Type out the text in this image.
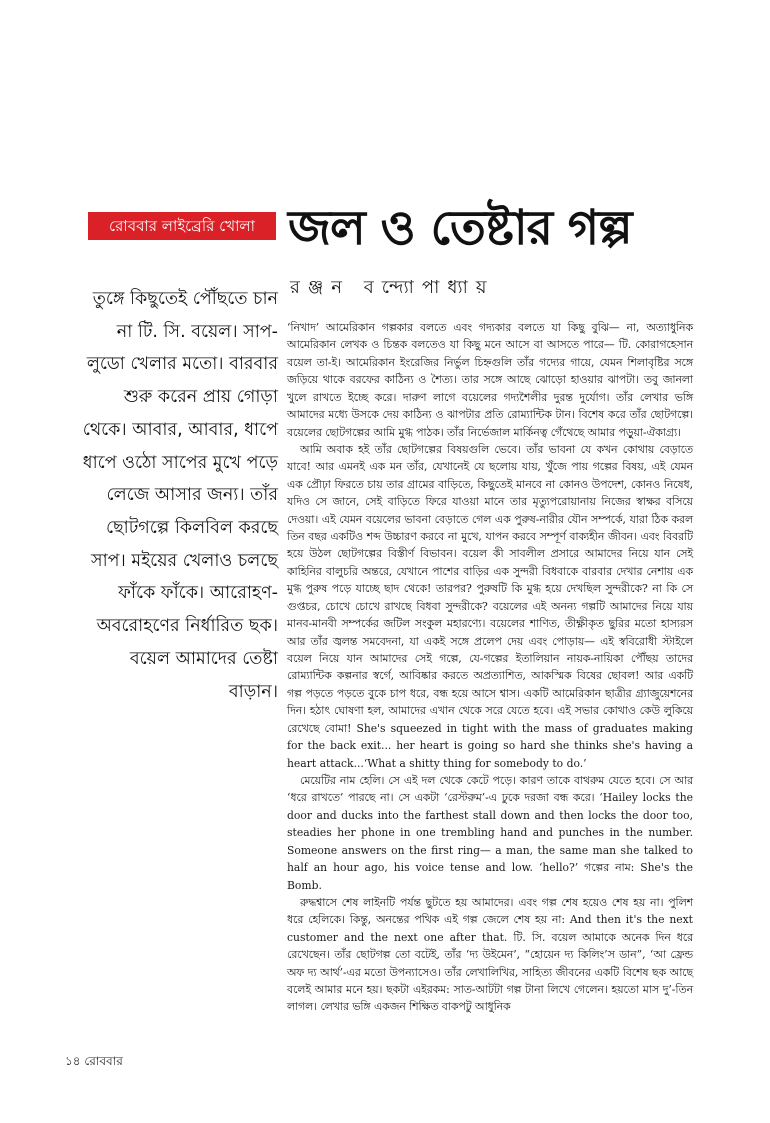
রোববার লাইব্রেরি খোলা জল ও তেষ্টার গল্প
রঞ্জন বন্দ্যোপাধ্যায়
তুঙ্গে কিছুতেই পৌঁছতে চান না টি. সি. বয়েল। সাপ-লুডো খেলার মতো। বারবার শুরু করেন প্রায় গোড়া থেকে। আবার, আবার, ধাপে ধাপে ওঠো সাপের মুখে পড়ে লেজে আসার জন্য। তাঁর ছোটগল্পে কিলবিল করছে সাপ। মইয়ের খেলাও চলছে ফাঁকে ফাঁকে। আরোহণ-অবরোহণের নির্ধারিত ছক। বয়েল আমাদের তেষ্টা বাড়ান।

‘নিখাদ’ আমেরিকান গল্পকার বলতে এবং গদ্যকার বলতে যা কিছু বুঝি— না, অত্যাধুনিক আমেরিকান লেখক ও চিন্তক বলতেও যা কিছু মনে আসে বা আসতে পারে— টি. কোরাগহেসান বয়েল তা-ই। আমেরিকান ইংরেজির নির্ভুল চিহ্নগুলি তাঁর গদ্যের গায়ে, যেমন শিলাবৃষ্টির সঙ্গে জড়িয়ে থাকে বরফের কাঠিন্য ও শৈত্য। তার সঙ্গে আছে ঝোড়ো হাওয়ার ঝাপটা। তবু জানলা খুলে রাখতে ইচ্ছে করে। দারুণ লাগে বয়েলের গদ্যশৈলীর দুরন্ত দুর্যোগ। তাঁর লেখার ভঙ্গি আমাদের মধ্যে উসকে দেয় কাঠিন্য ও ঝাপটার প্রতি রোম্যান্টিক টান। বিশেষ করে তাঁর ছোটগল্পে। বয়েলের ছোটগল্পের আমি মুগ্ধ পাঠক। তাঁর নির্ভেজাল মার্কিনত্ব গেঁথেছে আমার পড়ুয়া-ঐকাগ্র্য।

আমি অবাক হই তাঁর ছোটগল্পের বিষয়গুলি ভেবে। তাঁর ভাবনা যে কখন কোথায় বেড়াতে যাবে! আর এমনই এক মন তাঁর, যেখানেই যে ছলোয় যায়, খুঁজে পায় গল্পের বিষয়, এই যেমন এক প্রৌঢ়া ফিরতে চায় তার গ্রামের বাড়িতে, কিছুতেই মানবে না কোনও উপদেশ, কোনও নিষেধ, যদিও সে জানে, সেই বাড়িতে ফিরে যাওয়া মানে তার মৃত্যুপরোয়ানায় নিজের স্বাক্ষর বসিয়ে দেওয়া। এই যেমন বয়েলের ভাবনা বেড়াতে গেল এক পুরুষ-নারীর যৌন সম্পর্কে, যারা ঠিক করল তিন বছর একটিও শব্দ উচ্চারণ করবে না মুখে, যাপন করবে সম্পূর্ণ বাক্যহীন জীবন। এবং বিবরটি হয়ে উঠল ছোটগল্পের বিস্তীর্ণ বিভাবন। বয়েল কী সাবলীল প্রসারে আমাদের নিয়ে যান সেই কাহিনির বালুচরি অন্তরে, যেখানে পাশের বাড়ির এক সুন্দরী বিধবাকে বারবার দেখার নেশায় এক মুগ্ধ পুরুষ পড়ে যাচ্ছে ছাদ থেকে! তারপর? পুরুষটি কি মুগ্ধ হয়ে দেখছিল সুন্দরীকে? না কি সে গুপ্তচর, চোখে চোখে রাখছে বিধবা সুন্দরীকে? বয়েলের এই অনন্য গল্পটি আমাদের নিয়ে যায় মানব-মানবী সম্পর্কের জটিল সংকুল মহারণ্যে। বয়েলের শাণিত, তীক্ষ্ণীকৃত ছুরির মতো হাস্যরস আর তাঁর জ্বলন্ত সমবেদনা, যা একই সঙ্গে প্রলেপ দেয় এবং পোড়ায়— এই স্ববিরোধী স্টাইলে বয়েল নিয়ে যান আমাদের সেই গল্পে, যে-গল্পের ইতালিয়ান নায়ক-নায়িকা পৌঁছয় তাদের রোম্যান্টিক কল্পনার স্বর্গে, আবিষ্কার করতে অপ্রত্যাশিত, আকস্মিক বিষের ছোবল! আর একটি গল্প পড়তে পড়তে বুকে চাপ ধরে, বন্ধ হয়ে আসে শ্বাস। একটি আমেরিকান ছাত্রীর গ্র্যাজুয়েশনের দিন। হঠাৎ ঘোষণা হল, আমাদের এখান থেকে সরে যেতে হবে। এই সভার কোথাও কেউ লুকিয়ে রেখেছে বোমা! She's squeezed in tight with the mass of graduates making for the back exit... her heart is going so hard she thinks she's having a heart attack...‘What a shitty thing for somebody to do.’

মেয়েটির নাম হেলি। সে এই দল থেকে কেটে পড়ে। কারণ তাকে বাথরুম যেতে হবে। সে আর ‘ধরে রাখতে’ পারছে না। সে একটা ‘রেস্টরুম’-এ ঢুকে দরজা বন্ধ করে। ‘Hailey locks the door and ducks into the farthest stall down and then locks the door too, steadies her phone in one trembling hand and punches in the number. Someone answers on the first ring— a man, the same man she talked to half an hour ago, his voice tense and low. ‘hello?’ গল্পের নাম: She's the Bomb.

রুদ্ধশ্বাসে শেষ লাইনটি পর্যন্ত ছুটতে হয় আমাদের। এবং গল্প শেষ হয়েও শেষ হয় না। পুলিশ ধরে হেলিকে। কিন্তু, অনন্তের পথিক এই গল্প জেলে শেষ হয় না: And then it's the next customer and the next one after that. টি. সি. বয়েল আমাকে অনেক দিন ধরে রেখেছেন। তাঁর ছোটগল্প তো বটেই, তাঁর ‘দ্য উইমেন’, “হোয়েন দ্য কিলিং’স ডান”, ‘আ ফ্রেন্ড অফ দ্য আর্থ’-এর মতো উপন্যাসেও। তাঁর লেখালিখির, সাহিত্য জীবনের একটি বিশেষ ছক আছে বলেই আমার মনে হয়। ছকটা এইরকম: সাত-আটটা গল্প টানা লিখে গেলেন। হয়তো মাস দু’-তিন লাগল। লেখার ভঙ্গি একজন শিক্ষিত বাকপটু আধুনিক

১৪ রোববার
